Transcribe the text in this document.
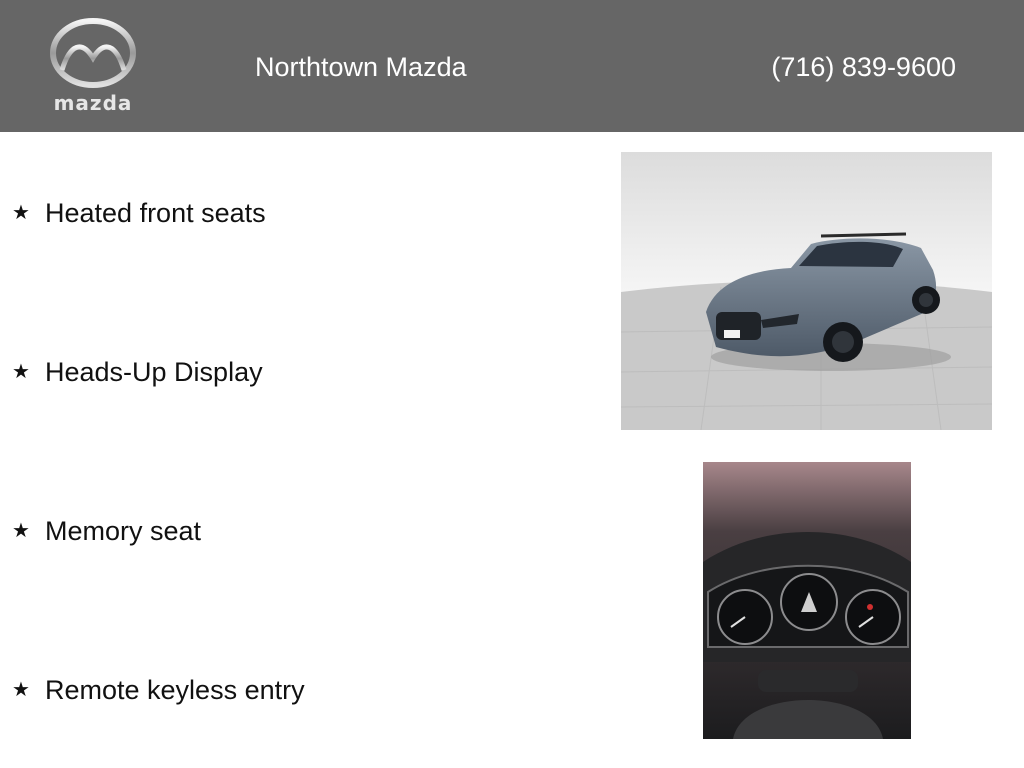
mazda
Northtown Mazda	(716) 839-9600
★ Heated front seats
★ Heads-Up Display
★ Memory seat
★ Remote keyless entry
